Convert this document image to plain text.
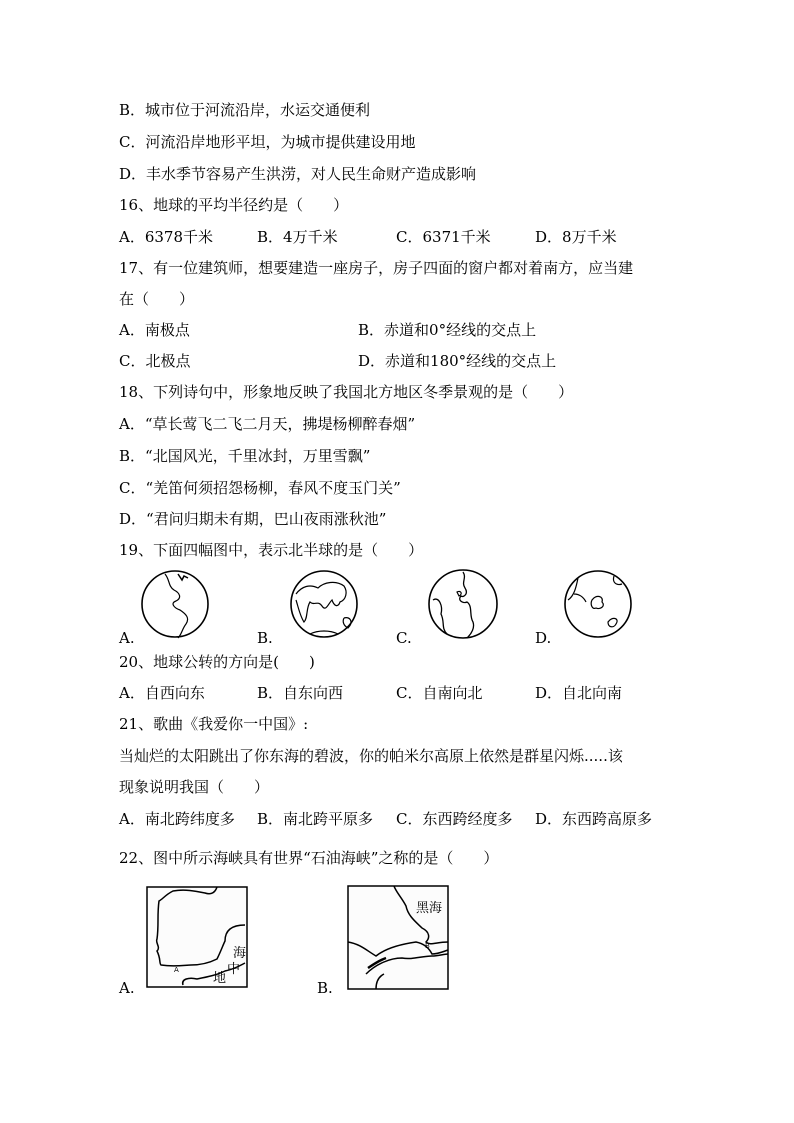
B．城市位于河流沿岸，水运交通便利
C．河流沿岸地形平坦，为城市提供建设用地
D．丰水季节容易产生洪涝，对人民生命财产造成影响
16、地球的平均半径约是（　　）
A．6378千米	B．4万千米	C．6371千米	D．8万千米
17、有一位建筑师，想要建造一座房子，房子四面的窗户都对着南方，应当建
在（　　）
A．南极点	B．赤道和0°经线的交点上
C．北极点	D．赤道和180°经线的交点上
18、下列诗句中，形象地反映了我国北方地区冬季景观的是（　　）
A．“草长莺飞二飞二月天，拂堤杨柳醉春烟”
B．“北国风光，千里冰封，万里雪飘”
C．“羌笛何须招怨杨柳，春风不度玉门关”
D．“君问归期未有期，巴山夜雨涨秋池”
19、下面四幅图中，表示北半球的是（　　）
A.	B.	C.	D.
20、地球公转的方向是(　　)
A．自西向东	B．自东向西	C．自南向北	D．自北向南
21、歌曲《我爱你一中国》:
当灿烂的太阳跳出了你东海的碧波，你的帕米尔高原上依然是群星闪烁.....该
现象说明我国（　　）
A．南北跨纬度多 B．南北跨平原多 C．东西跨经度多 D．东西跨高原多
22、图中所示海峡具有世界“石油海峡”之称的是（　　）
A.
海
中
地
A
B.
黑海
B
